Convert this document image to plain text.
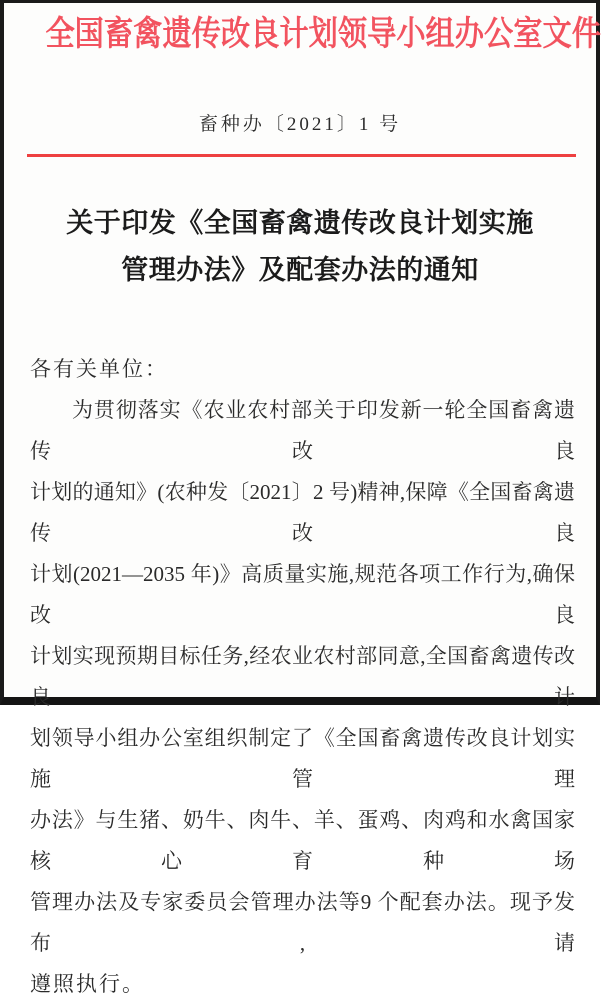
全国畜禽遗传改良计划领导小组办公室文件
畜种办〔2021〕1 号
关于印发《全国畜禽遗传改良计划实施
管理办法》及配套办法的通知
各有关单位：
为贯彻落实《农业农村部关于印发新一轮全国畜禽遗传改良
计划的通知》(农种发〔2021〕2 号)精神,保障《全国畜禽遗传改良
计划(2021—2035 年)》高质量实施,规范各项工作行为,确保改良
计划实现预期目标任务,经农业农村部同意,全国畜禽遗传改良计
划领导小组办公室组织制定了《全国畜禽遗传改良计划实施管理
办法》与生猪、奶牛、肉牛、羊、蛋鸡、肉鸡和水禽国家核心育种场
管理办法及专家委员会管理办法等9 个配套办法。现予发布,请
遵照执行。
